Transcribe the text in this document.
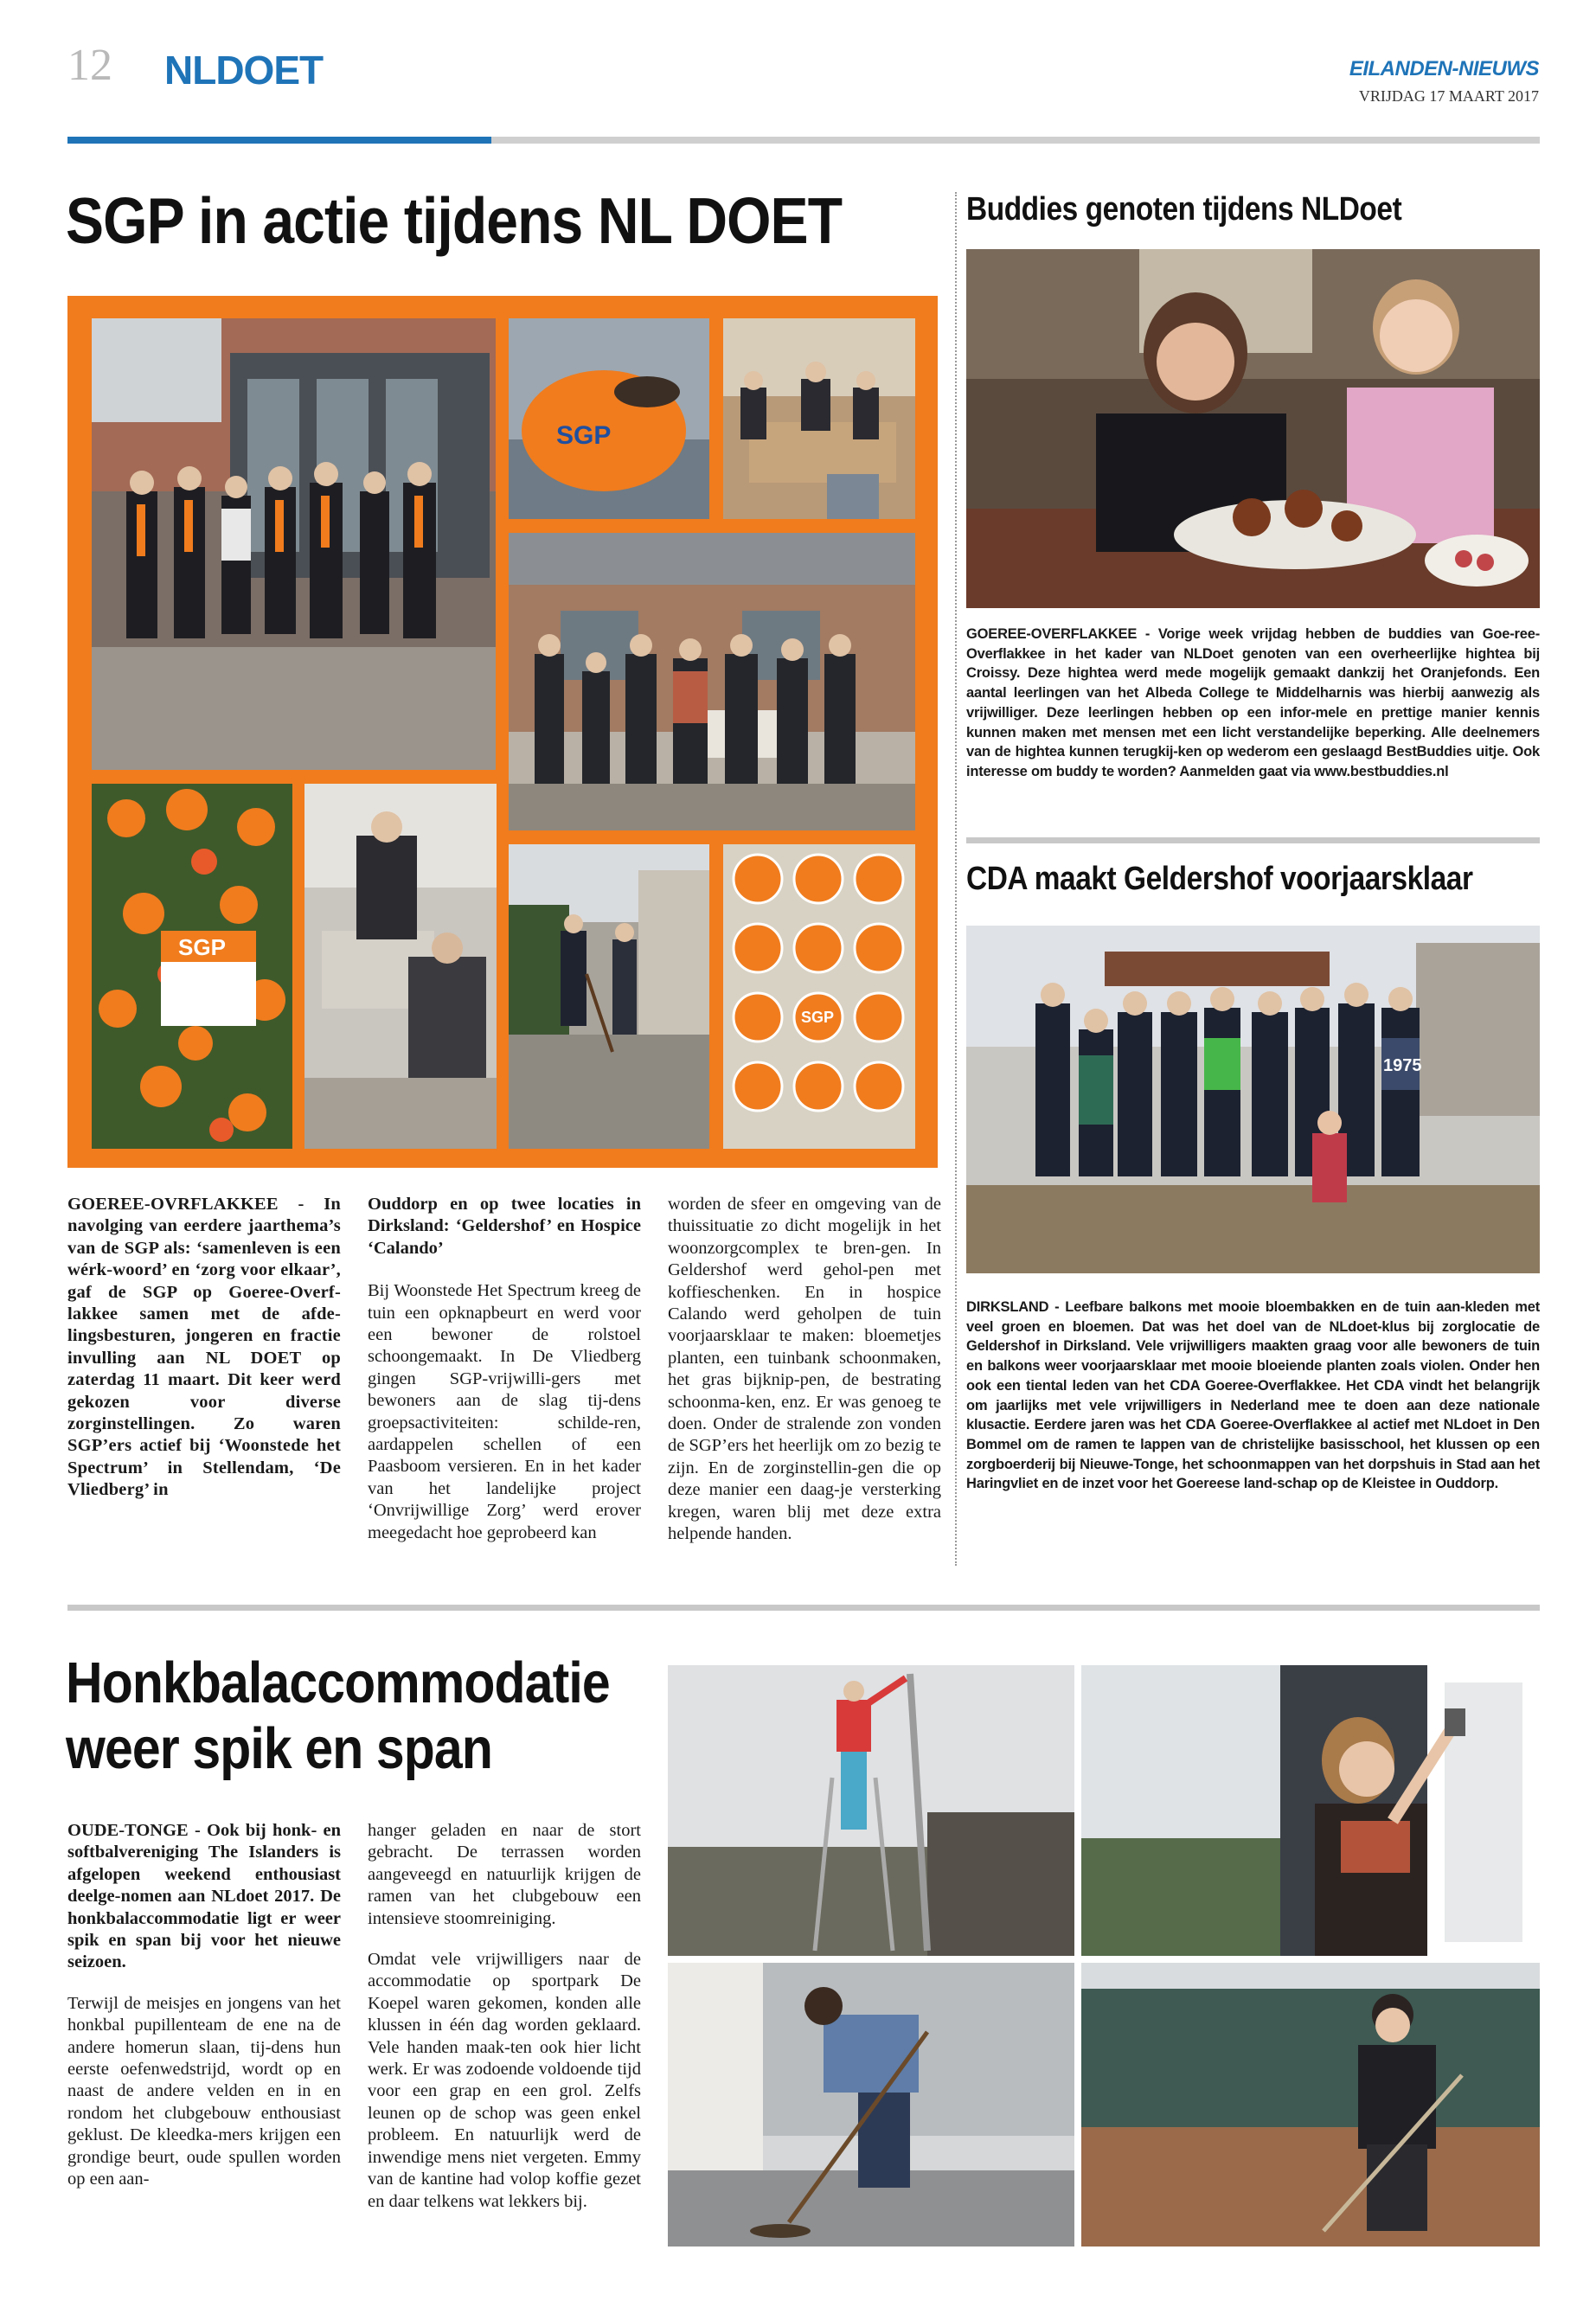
12 NLDOET	EILANDEN-NIEUWS
VRIJDAG 17 MAART 2017
SGP in actie tijdens NL DOET
SGP
SGP
SGP
GOEREE-OVRFLAKKEE - In navolging van eerdere jaarthema’s van de SGP als: ‘samenleven is een wérk-woord’ en ‘zorg voor elkaar’, gaf de SGP op Goeree-Overf-lakkee samen met de afde-lingsbesturen, jongeren en fractie invulling aan NL DOET op zaterdag 11 maart. Dit keer werd gekozen voor diverse zorginstellingen. Zo waren SGP’ers actief bij ‘Woonstede het Spectrum’ in Stellendam, ‘De Vliedberg’ in
Ouddorp en op twee locaties in Dirksland: ‘Geldershof’ en Hospice ‘Calando’
Bij Woonstede Het Spectrum kreeg de tuin een opknapbeurt en werd voor een bewoner de rolstoel schoongemaakt. In De Vliedberg gingen SGP-vrijwilli-gers met bewoners aan de slag tij-dens groepsactiviteiten: schilde-ren, aardappelen schellen of een Paasboom versieren. En in het kader van het landelijke project ‘Onvrijwillige Zorg’ werd erover meegedacht hoe geprobeerd kan
worden de sfeer en omgeving van de thuissituatie zo dicht mogelijk in het woonzorgcomplex te bren-gen. In Geldershof werd gehol-pen met koffieschenken. En in hospice Calando werd geholpen de tuin voorjaarsklaar te maken: bloemetjes planten, een tuinbank schoonmaken, het gras bijknip-pen, de bestrating schoonma-ken, enz. Er was genoeg te doen. Onder de stralende zon vonden de SGP’ers het heerlijk om zo bezig te zijn. En de zorginstellin-gen die op deze manier een daag-je versterking kregen, waren blij met deze extra helpende handen.
Buddies genoten tijdens NLDoet
GOEREE-OVERFLAKKEE - Vorige week vrijdag hebben de buddies van Goe-ree-Overflakkee in het kader van NLDoet genoten van een overheerlijke hightea bij Croissy. Deze hightea werd mede mogelijk gemaakt dankzij het Oranjefonds. Een aantal leerlingen van het Albeda College te Middelharnis was hierbij aanwezig als vrijwilliger. Deze leerlingen hebben op een infor-mele en prettige manier kennis kunnen maken met mensen met een licht verstandelijke beperking. Alle deelnemers van de hightea kunnen terugkij-ken op wederom een geslaagd BestBuddies uitje. Ook interesse om buddy te worden? Aanmelden gaat via www.bestbuddies.nl
CDA maakt Geldershof voorjaarsklaar
1975
DIRKSLAND - Leefbare balkons met mooie bloembakken en de tuin aan-kleden met veel groen en bloemen. Dat was het doel van de NLdoet-klus bij zorglocatie de Geldershof in Dirksland. Vele vrijwilligers maakten graag voor alle bewoners de tuin en balkons weer voorjaarsklaar met mooie bloeiende planten zoals violen. Onder hen ook een tiental leden van het CDA Goeree-Overflakkee. Het CDA vindt het belangrijk om jaarlijks met vele vrijwilligers in Nederland mee te doen aan deze nationale klusactie. Eerdere jaren was het CDA Goeree-Overflakkee al actief met NLdoet in Den Bommel om de ramen te lappen van de christelijke basisschool, het klussen op een zorgboerderij bij Nieuwe-Tonge, het schoonmappen van het dorpshuis in Stad aan het Haringvliet en de inzet voor het Goereese land-schap op de Kleistee in Ouddorp.
Honkbalaccommodatie
weer spik en span
OUDE-TONGE - Ook bij honk- en softbalvereniging The Islanders is afgelopen weekend enthousiast deelge-nomen aan NLdoet 2017. De honkbalaccommodatie ligt er weer spik en span bij voor het nieuwe seizoen.
Terwijl de meisjes en jongens van het honkbal pupillenteam de ene na de andere homerun slaan, tij-dens hun eerste oefenwedstrijd, wordt op en naast de andere velden en in en rondom het clubgebouw enthousiast geklust. De kleedka-mers krijgen een grondige beurt, oude spullen worden op een aan-
hanger geladen en naar de stort gebracht. De terrassen worden aangeveegd en natuurlijk krijgen de ramen van het clubgebouw een intensieve stoomreiniging.
Omdat vele vrijwilligers naar de accommodatie op sportpark De Koepel waren gekomen, konden alle klussen in één dag worden geklaard. Vele handen maak-ten ook hier licht werk. Er was zodoende voldoende tijd voor een grap en een grol. Zelfs leunen op de schop was geen enkel probleem. En natuurlijk werd de inwendige mens niet vergeten. Emmy van de kantine had volop koffie gezet en daar telkens wat lekkers bij.
